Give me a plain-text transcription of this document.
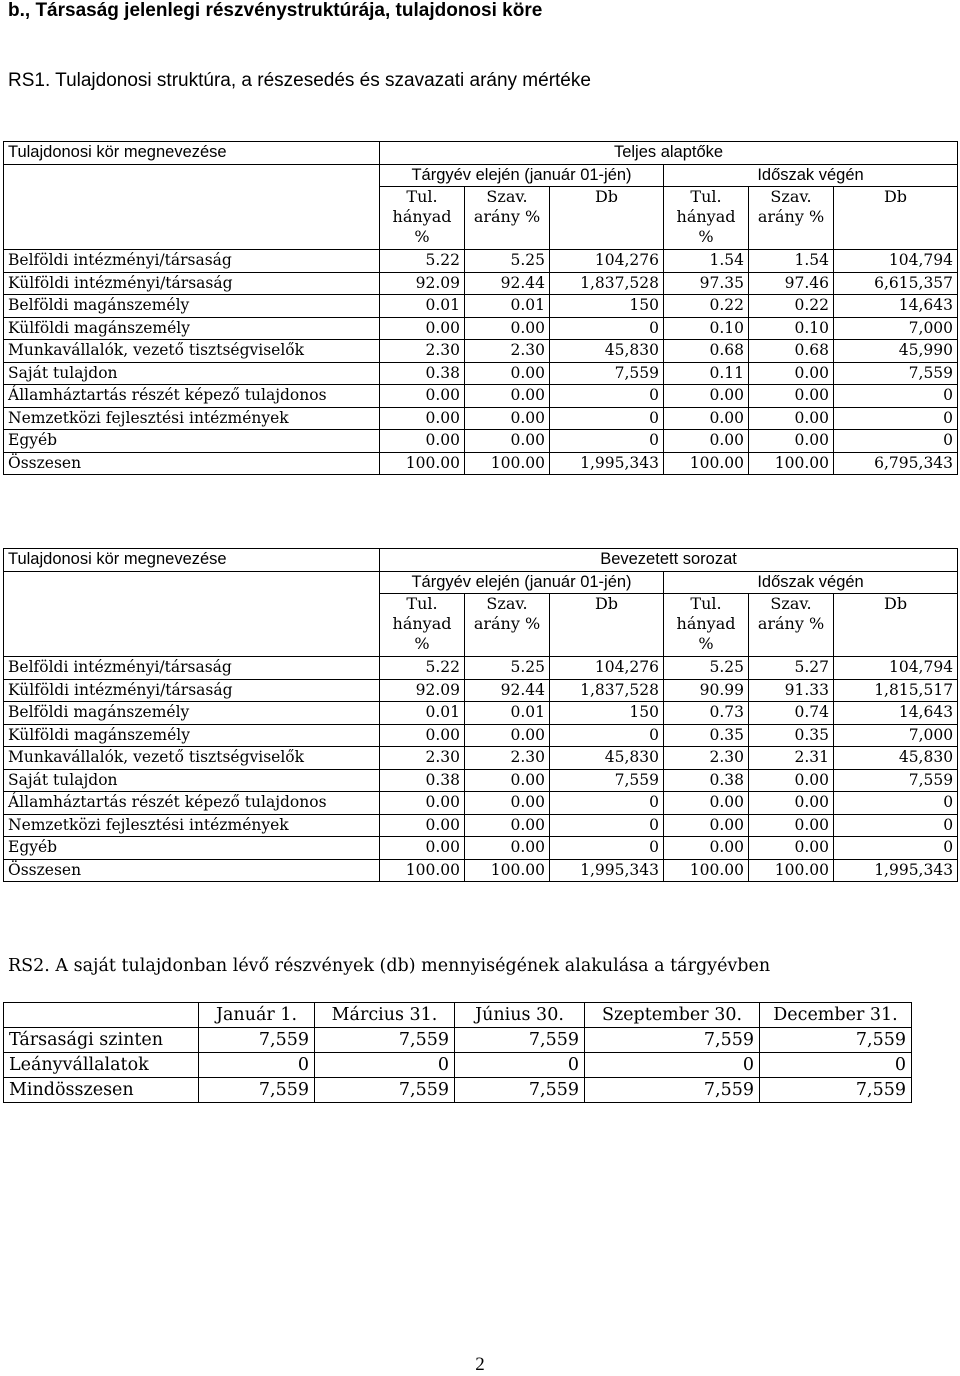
b., Társaság jelenlegi részvénystruktúrája, tulajdonosi köre
RS1. Tulajdonosi struktúra, a részesedés és szavazati arány mértéke
Tulajdonosi kör megnevezése	Teljes alaptőke					
	Tárgyév elején (január 01-jén)			Időszak végén		
	Tul. hányad %	Szav. arány %	Db	Tul. hányad %	Szav. arány %	Db
Belföldi intézményi/társaság	5.22	5.25	104,276	1.54	1.54	104,794
Külföldi intézményi/társaság	92.09	92.44	1,837,528	97.35	97.46	6,615,357
Belföldi magánszemély	0.01	0.01	150	0.22	0.22	14,643
Külföldi magánszemély	0.00	0.00	0	0.10	0.10	7,000
Munkavállalók, vezető tisztségviselők	2.30	2.30	45,830	0.68	0.68	45,990
Saját tulajdon	0.38	0.00	7,559	0.11	0.00	7,559
Államháztartás részét képező tulajdonos	0.00	0.00	0	0.00	0.00	0
Nemzetközi fejlesztési intézmények	0.00	0.00	0	0.00	0.00	0
Egyéb	0.00	0.00	0	0.00	0.00	0
Összesen	100.00	100.00	1,995,343	100.00	100.00	6,795,343
Tulajdonosi kör megnevezése	Bevezetett sorozat					
	Tárgyév elején (január 01-jén)			Időszak végén		
	Tul. hányad %	Szav. arány %	Db	Tul. hányad %	Szav. arány %	Db
Belföldi intézményi/társaság	5.22	5.25	104,276	5.25	5.27	104,794
Külföldi intézményi/társaság	92.09	92.44	1,837,528	90.99	91.33	1,815,517
Belföldi magánszemély	0.01	0.01	150	0.73	0.74	14,643
Külföldi magánszemély	0.00	0.00	0	0.35	0.35	7,000
Munkavállalók, vezető tisztségviselők	2.30	2.30	45,830	2.30	2.31	45,830
Saját tulajdon	0.38	0.00	7,559	0.38	0.00	7,559
Államháztartás részét képező tulajdonos	0.00	0.00	0	0.00	0.00	0
Nemzetközi fejlesztési intézmények	0.00	0.00	0	0.00	0.00	0
Egyéb	0.00	0.00	0	0.00	0.00	0
Összesen	100.00	100.00	1,995,343	100.00	100.00	1,995,343
RS2. A saját tulajdonban lévő részvények (db) mennyiségének alakulása a tárgyévben
	Január 1.	Március 31.	Június 30.	Szeptember 30.	December 31.
Társasági szinten	7,559	7,559	7,559	7,559	7,559
Leányvállalatok	0	0	0	0	0
Mindösszesen	7,559	7,559	7,559	7,559	7,559
2
